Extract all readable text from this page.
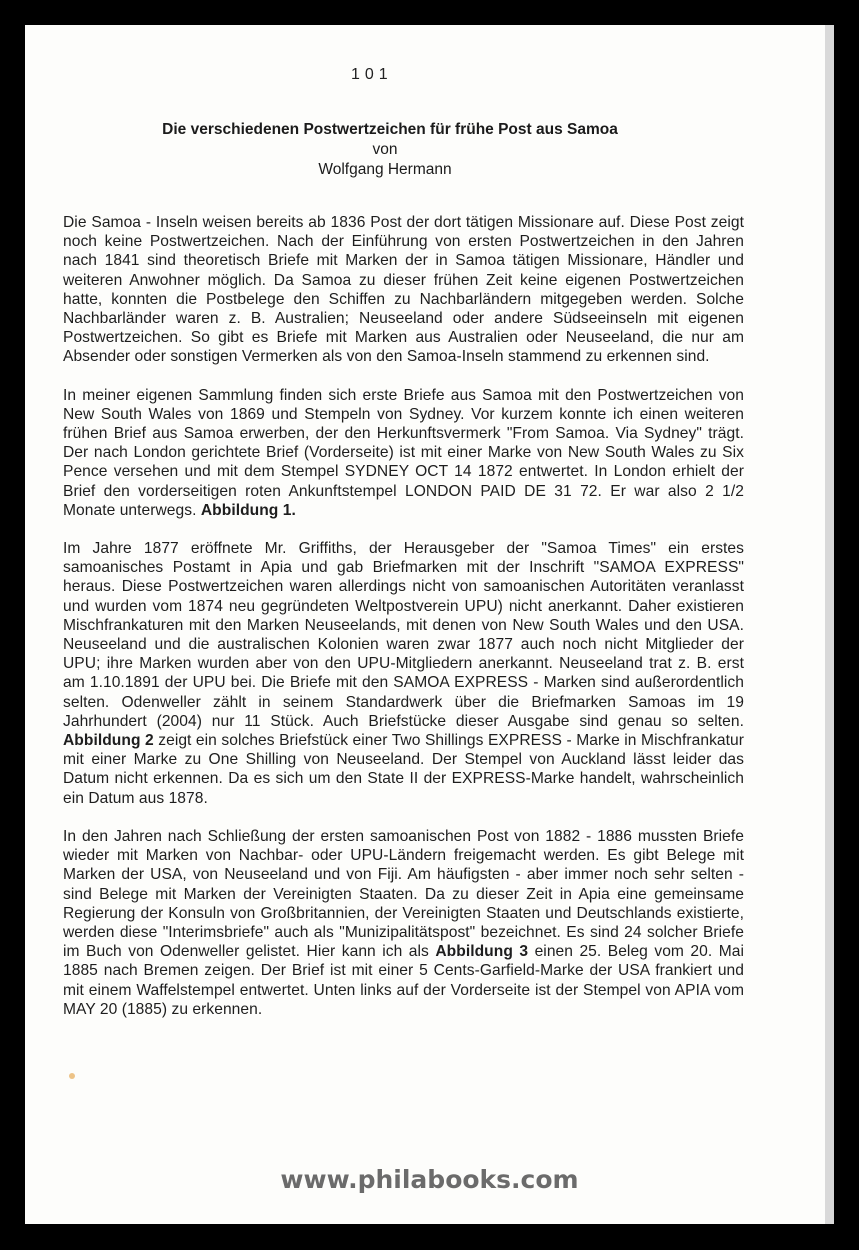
101
Die verschiedenen Postwertzeichen für frühe Post aus Samoa
von
Wolfgang Hermann

Die Samoa - Inseln weisen bereits ab 1836 Post der dort tätigen Missionare auf. Diese Post zeigt noch keine Postwertzeichen. Nach der Einführung von ersten Postwertzeichen in den Jahren nach 1841 sind theoretisch Briefe mit Marken der in Samoa tätigen Missionare, Händler und weiteren Anwohner möglich. Da Samoa zu dieser frühen Zeit keine eigenen Postwertzeichen hatte, konnten die Postbelege den Schiffen zu Nachbarländern mitgegeben werden. Solche Nachbarländer waren z. B. Australien; Neuseeland oder andere Südseeinseln mit eigenen Postwertzeichen. So gibt es Briefe mit Marken aus Australien oder Neuseeland, die nur am Absender oder sonstigen Vermerken als von den Samoa-Inseln stammend zu erkennen sind.

In meiner eigenen Sammlung finden sich erste Briefe aus Samoa mit den Postwertzeichen von New South Wales von 1869 und Stempeln von Sydney. Vor kurzem konnte ich einen weiteren frühen Brief aus Samoa erwerben, der den Herkunftsvermerk "From Samoa. Via Sydney" trägt. Der nach London gerichtete Brief (Vorderseite) ist mit einer Marke von New South Wales zu Six Pence versehen und mit dem Stempel SYDNEY OCT 14 1872 entwertet. In London erhielt der Brief den vorderseitigen roten Ankunftstempel LONDON PAID DE 31 72. Er war also 2 1/2 Monate unterwegs. Abbildung 1.

Im Jahre 1877 eröffnete Mr. Griffiths, der Herausgeber der "Samoa Times" ein erstes samoanisches Postamt in Apia und gab Briefmarken mit der Inschrift "SAMOA EXPRESS" heraus. Diese Postwertzeichen waren allerdings nicht von samoanischen Autoritäten veranlasst und wurden vom 1874 neu gegründeten Weltpostverein UPU) nicht anerkannt. Daher existieren Mischfrankaturen mit den Marken Neuseelands, mit denen von New South Wales und den USA. Neuseeland und die australischen Kolonien waren zwar 1877 auch noch nicht Mitglieder der UPU; ihre Marken wurden aber von den UPU-Mitgliedern anerkannt. Neuseeland trat z. B. erst am 1.10.1891 der UPU bei. Die Briefe mit den SAMOA EXPRESS - Marken sind außerordentlich selten. Odenweller zählt in seinem Standardwerk über die Briefmarken Samoas im 19 Jahrhundert (2004) nur 11 Stück. Auch Briefstücke dieser Ausgabe sind genau so selten. Abbildung 2 zeigt ein solches Briefstück einer Two Shillings EXPRESS - Marke in Mischfrankatur mit einer Marke zu One Shilling von Neuseeland. Der Stempel von Auckland lässt leider das Datum nicht erkennen. Da es sich um den State II der EXPRESS-Marke handelt, wahrscheinlich ein Datum aus 1878.

In den Jahren nach Schließung der ersten samoanischen Post von 1882 - 1886 mussten Briefe wieder mit Marken von Nachbar- oder UPU-Ländern freigemacht werden. Es gibt Belege mit Marken der USA, von Neuseeland und von Fiji. Am häufigsten - aber immer noch sehr selten - sind Belege mit Marken der Vereinigten Staaten. Da zu dieser Zeit in Apia eine gemeinsame Regierung der Konsuln von Großbritannien, der Vereinigten Staaten und Deutschlands existierte, werden diese "Interimsbriefe" auch als "Munizipalitätspost" bezeichnet. Es sind 24 solcher Briefe im Buch von Odenweller gelistet. Hier kann ich als Abbildung 3 einen 25. Beleg vom 20. Mai 1885 nach Bremen zeigen. Der Brief ist mit einer 5 Cents-Garfield-Marke der USA frankiert und mit einem Waffelstempel entwertet. Unten links auf der Vorderseite ist der Stempel von APIA vom MAY 20 (1885) zu erkennen.

www.philabooks.com
